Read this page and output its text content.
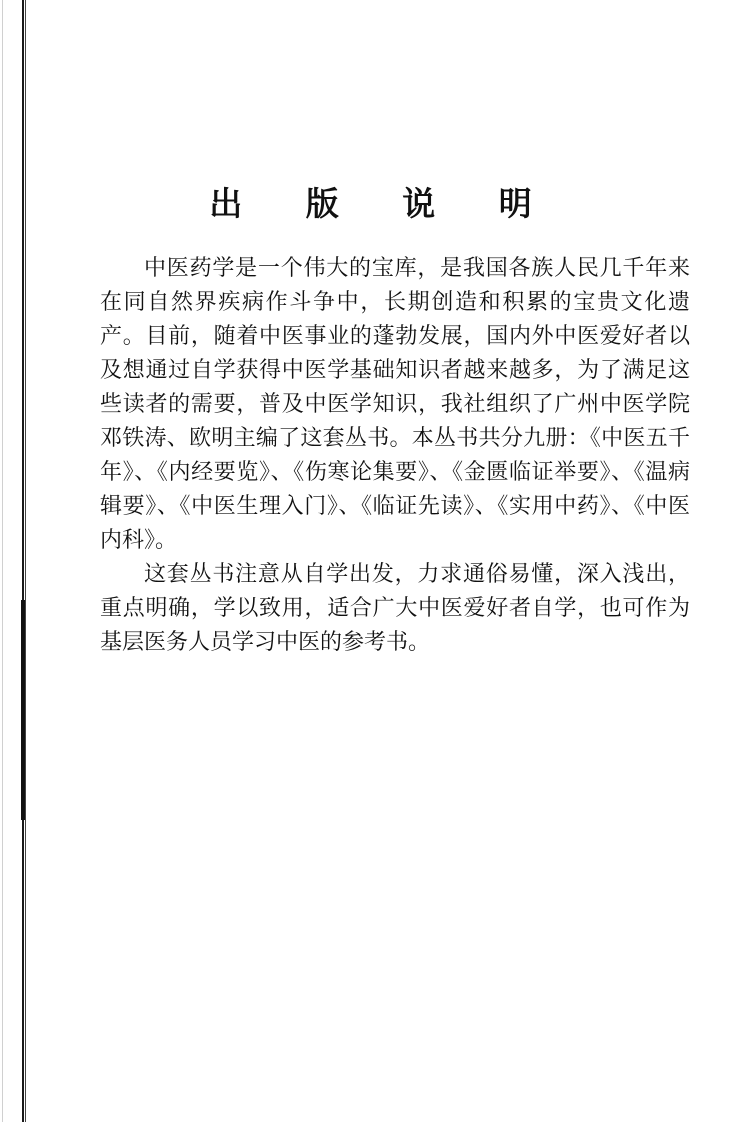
出 版 说 明

中医药学是一个伟大的宝库，是我国各族人民几千年来在同自然界疾病作斗争中，长期创造和积累的宝贵文化遗产。目前，随着中医事业的蓬勃发展，国内外中医爱好者以及想通过自学获得中医学基础知识者越来越多，为了满足这些读者的需要，普及中医学知识，我社组织了广州中医学院邓铁涛、欧明主编了这套丛书。本丛书共分九册：《中医五千年》、《内经要览》、《伤寒论集要》、《金匮临证举要》、《温病辑要》、《中医生理入门》、《临证先读》、《实用中药》、《中医内科》。

这套丛书注意从自学出发，力求通俗易懂，深入浅出，重点明确，学以致用，适合广大中医爱好者自学，也可作为基层医务人员学习中医的参考书。
